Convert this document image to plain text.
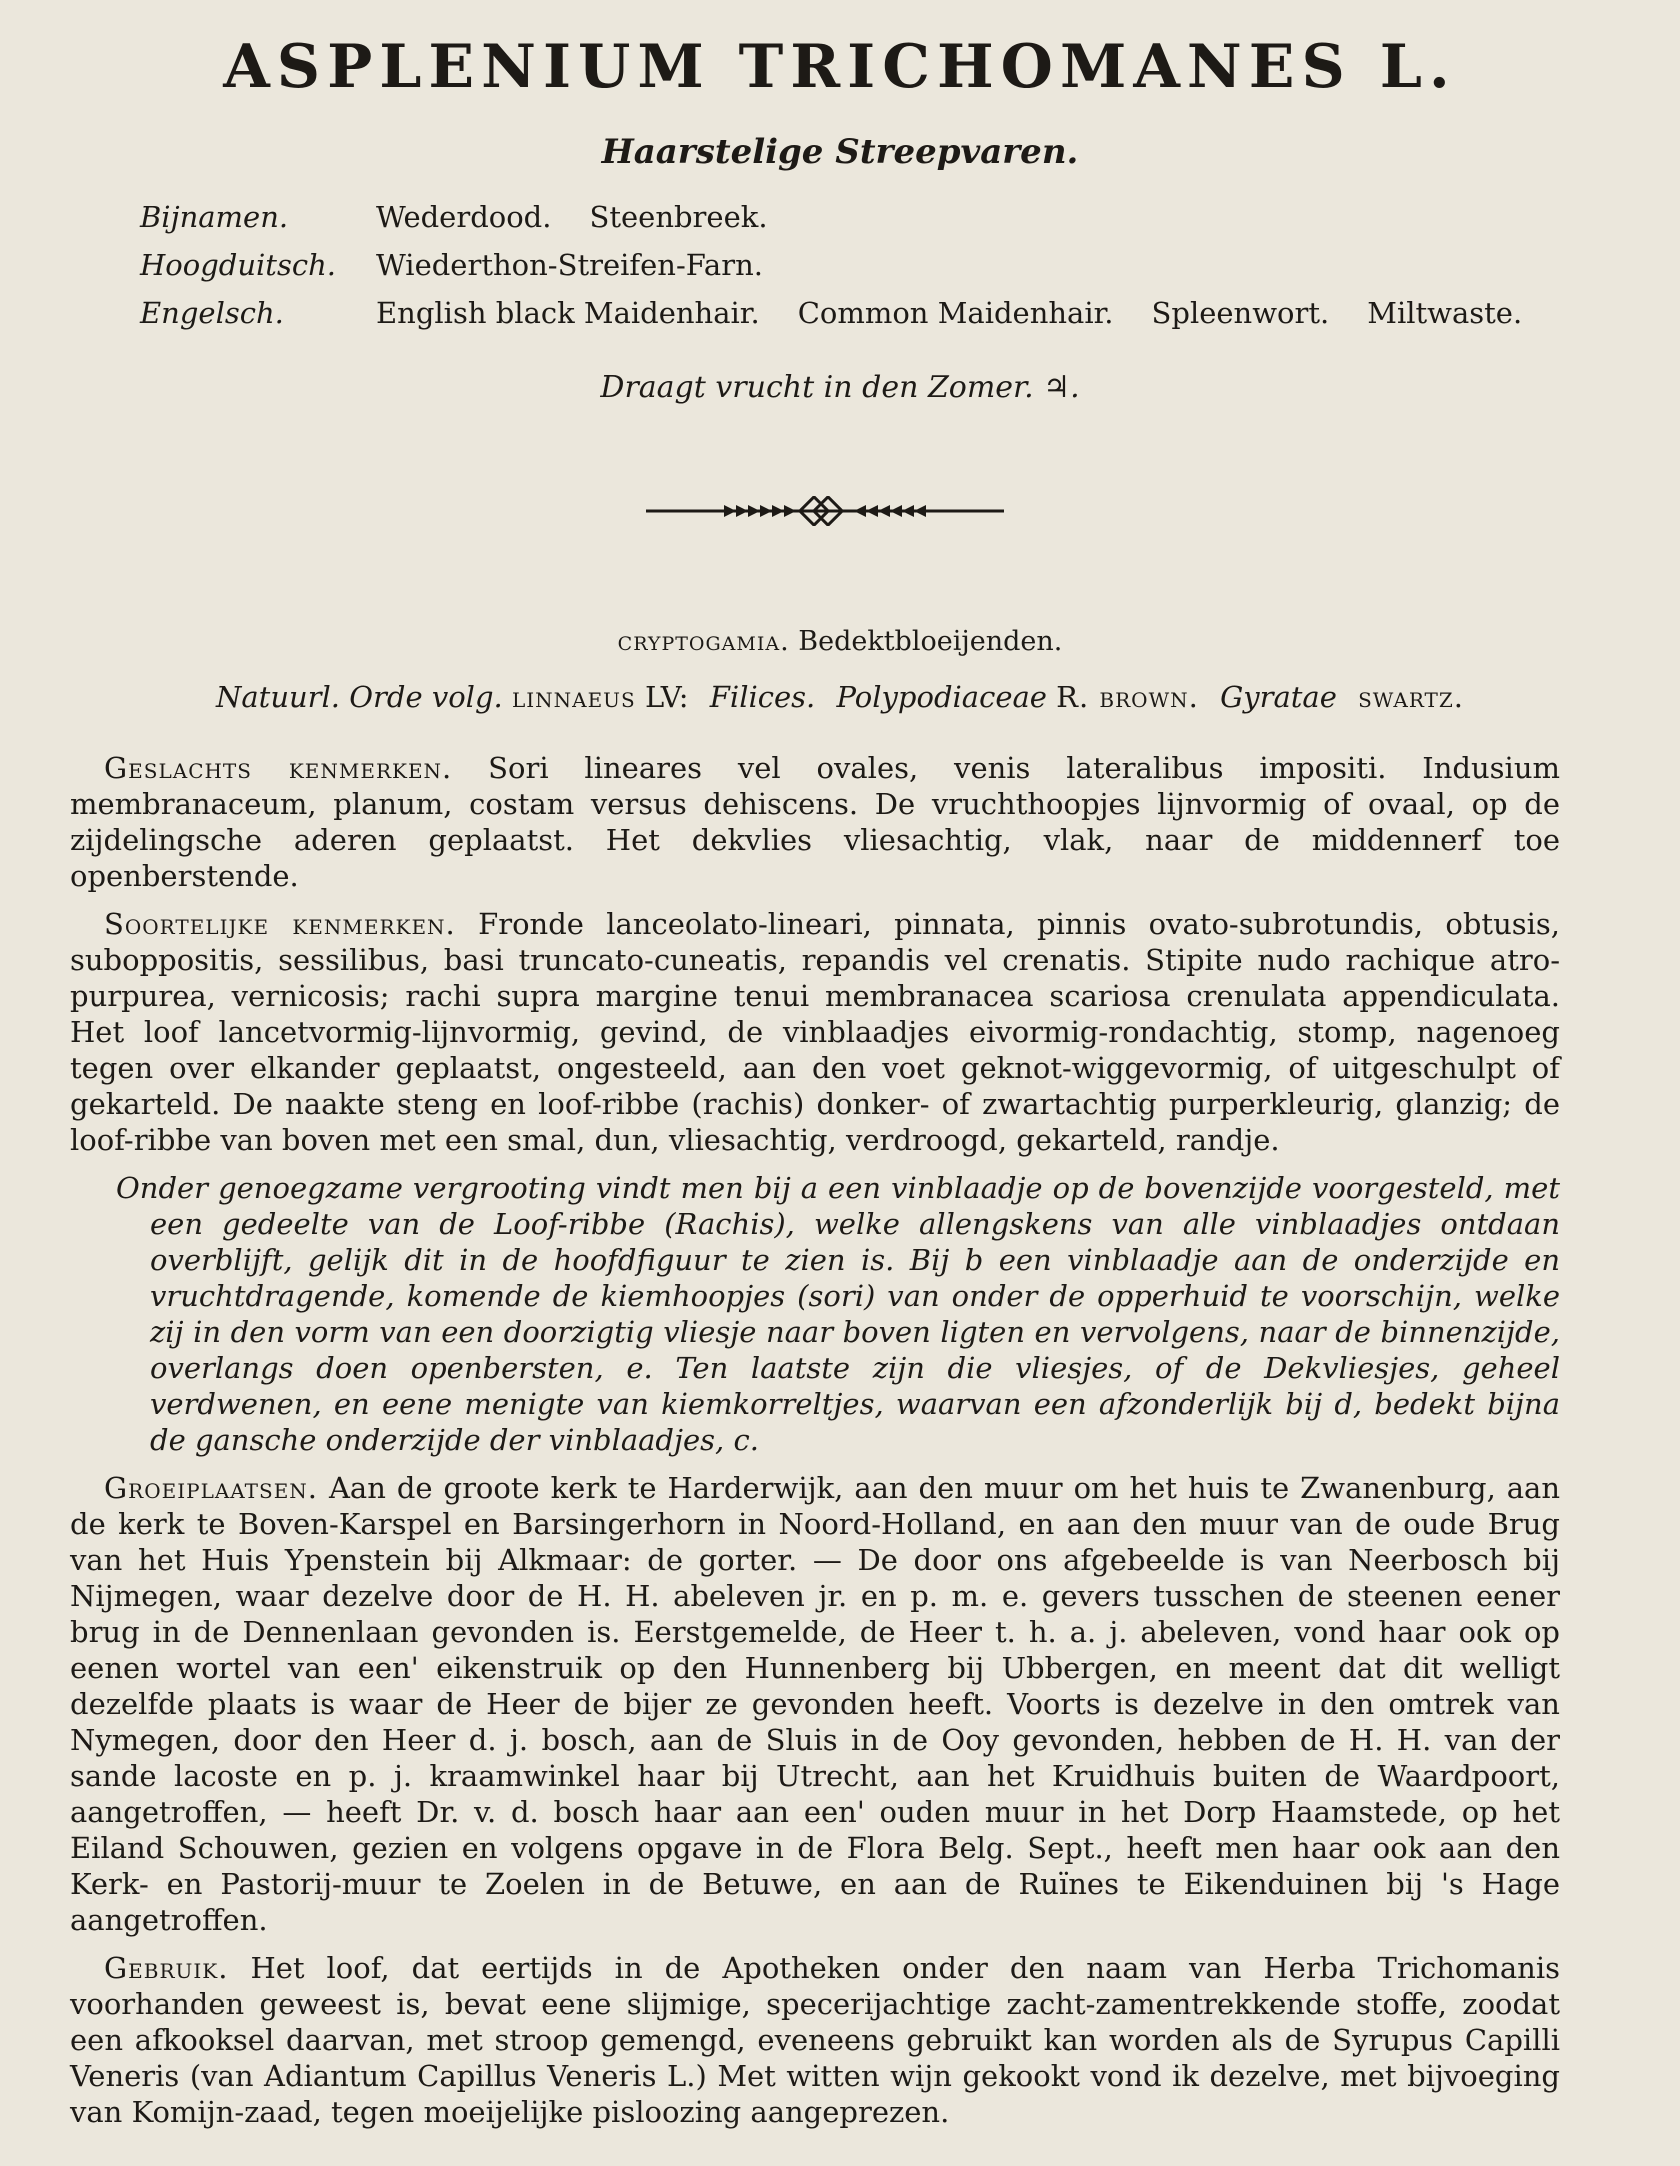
ASPLENIUM TRICHOMANES L.
Haarstelige Streepvaren.
Bijnamen.	Wederdood. Steenbreek.
Hoogduitsch.	Wiederthon-Streifen-Farn.
Engelsch.	English black Maidenhair. Common Maidenhair. Spleenwort. Miltwaste.
Draagt vrucht in den Zomer. ♃.
cryptogamia. Bedektbloeijenden.
Natuurl. Orde volg. linnaeus LV: Filices. Polypodiaceae R. brown. Gyratae swartz.

Geslachts kenmerken. Sori lineares vel ovales, venis lateralibus impositi. Indusium membranaceum, planum, costam versus dehiscens. De vruchthoopjes lijnvormig of ovaal, op de zijdelingsche aderen geplaatst. Het dekvlies vliesachtig, vlak, naar de middennerf toe openberstende.

Soortelijke kenmerken. Fronde lanceolato-lineari, pinnata, pinnis ovato-subrotundis, obtusis, suboppositis, sessilibus, basi truncato-cuneatis, repandis vel crenatis. Stipite nudo rachique atro-purpurea, vernicosis; rachi supra margine tenui membranacea scariosa crenulata appendiculata. Het loof lancetvormig-lijnvormig, gevind, de vinblaadjes eivormig-rondachtig, stomp, nagenoeg tegen over elkander geplaatst, ongesteeld, aan den voet geknot-wiggevormig, of uitgeschulpt of gekarteld. De naakte steng en loof-ribbe (rachis) donker- of zwartachtig purperkleurig, glanzig; de loof-ribbe van boven met een smal, dun, vliesachtig, verdroogd, gekarteld, randje.

Onder genoegzame vergrooting vindt men bij a een vinblaadje op de bovenzijde voorgesteld, met een gedeelte van de Loof-ribbe (Rachis), welke allengskens van alle vinblaadjes ontdaan overblijft, gelijk dit in de hoofdfiguur te zien is. Bij b een vinblaadje aan de onderzijde en vruchtdragende, komende de kiemhoopjes (sori) van onder de opperhuid te voorschijn, welke zij in den vorm van een doorzigtig vliesje naar boven ligten en vervolgens, naar de binnenzijde, overlangs doen openbersten, e. Ten laatste zijn die vliesjes, of de Dekvliesjes, geheel verdwenen, en eene menigte van kiemkorreltjes, waarvan een afzonderlijk bij d, bedekt bijna de gansche onderzijde der vinblaadjes, c.

Groeiplaatsen. Aan de groote kerk te Harderwijk, aan den muur om het huis te Zwanenburg, aan de kerk te Boven-Karspel en Barsingerhorn in Noord-Holland, en aan den muur van de oude Brug van het Huis Ypenstein bij Alkmaar: de gorter. — De door ons afgebeelde is van Neerbosch bij Nijmegen, waar dezelve door de H. H. abeleven jr. en p. m. e. gevers tusschen de steenen eener brug in de Dennenlaan gevonden is. Eerstgemelde, de Heer t. h. a. j. abeleven, vond haar ook op eenen wortel van een' eikenstruik op den Hunnenberg bij Ubbergen, en meent dat dit welligt dezelfde plaats is waar de Heer de bijer ze gevonden heeft. Voorts is dezelve in den omtrek van Nymegen, door den Heer d. j. bosch, aan de Sluis in de Ooy gevonden, hebben de H. H. van der sande lacoste en p. j. kraamwinkel haar bij Utrecht, aan het Kruidhuis buiten de Waardpoort, aangetroffen, — heeft Dr. v. d. bosch haar aan een' ouden muur in het Dorp Haamstede, op het Eiland Schouwen, gezien en volgens opgave in de Flora Belg. Sept., heeft men haar ook aan den Kerk- en Pastorij-muur te Zoelen in de Betuwe, en aan de Ruïnes te Eikenduinen bij 's Hage aangetroffen.

Gebruik. Het loof, dat eertijds in de Apotheken onder den naam van Herba Trichomanis voorhanden geweest is, bevat eene slijmige, specerijachtige zacht-zamentrekkende stoffe, zoodat een afkooksel daarvan, met stroop gemengd, eveneens gebruikt kan worden als de Syrupus Capilli Veneris (van Adiantum Capillus Veneris L.) Met witten wijn gekookt vond ik dezelve, met bijvoeging van Komijn-zaad, tegen moeijelijke pisloozing aangeprezen.
